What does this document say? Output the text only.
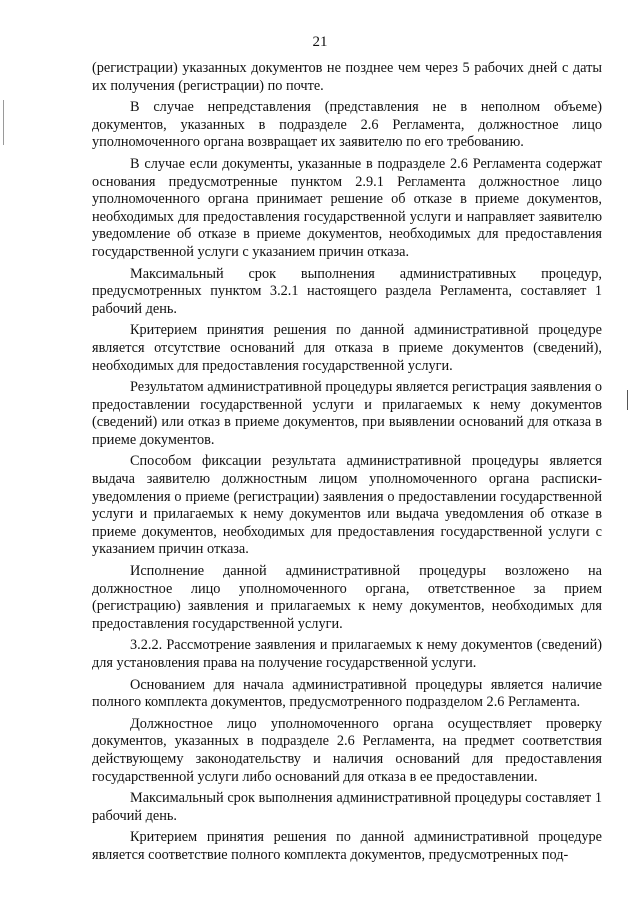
21

(регистрации) указанных документов не позднее чем через 5 рабочих дней с даты их получения (регистрации) по почте.

В случае непредставления (представления не в неполном объеме) документов, указанных в подразделе 2.6 Регламента, должностное лицо уполномоченного органа возвращает их заявителю по его требованию.

В случае если документы, указанные в подразделе 2.6 Регламента содержат основания предусмотренные пунктом 2.9.1 Регламента должностное лицо уполномоченного органа принимает решение об отказе в приеме документов, необходимых для предоставления государственной услуги и направляет заявителю уведомление об отказе в приеме документов, необходимых для предоставления государственной услуги с указанием причин отказа.

Максимальный срок выполнения административных процедур, предусмотренных пунктом 3.2.1 настоящего раздела Регламента, составляет 1 рабочий день.

Критерием принятия решения по данной административной процедуре является отсутствие оснований для отказа в приеме документов (сведений), необходимых для предоставления государственной услуги.

Результатом административной процедуры является регистрация заявления о предоставлении государственной услуги и прилагаемых к нему документов (сведений) или отказ в приеме документов, при выявлении оснований для отказа в приеме документов.

Способом фиксации результата административной процедуры является выдача заявителю должностным лицом уполномоченного органа расписки-уведомления о приеме (регистрации) заявления о предоставлении государственной услуги и прилагаемых к нему документов или выдача уведомления об отказе в приеме документов, необходимых для предоставления государственной услуги с указанием причин отказа.

Исполнение данной административной процедуры возложено на должностное лицо уполномоченного органа, ответственное за прием (регистрацию) заявления и прилагаемых к нему документов, необходимых для предоставления государственной услуги.

3.2.2. Рассмотрение заявления и прилагаемых к нему документов (сведений) для установления права на получение государственной услуги.

Основанием для начала административной процедуры является наличие полного комплекта документов, предусмотренного подразделом 2.6 Регламента.

Должностное лицо уполномоченного органа осуществляет проверку документов, указанных в подразделе 2.6 Регламента, на предмет соответствия действующему законодательству и наличия оснований для предоставления государственной услуги либо оснований для отказа в ее предоставлении.

Максимальный срок выполнения административной процедуры составляет 1 рабочий день.

Критерием принятия решения по данной административной процедуре является соответствие полного комплекта документов, предусмотренных под-
